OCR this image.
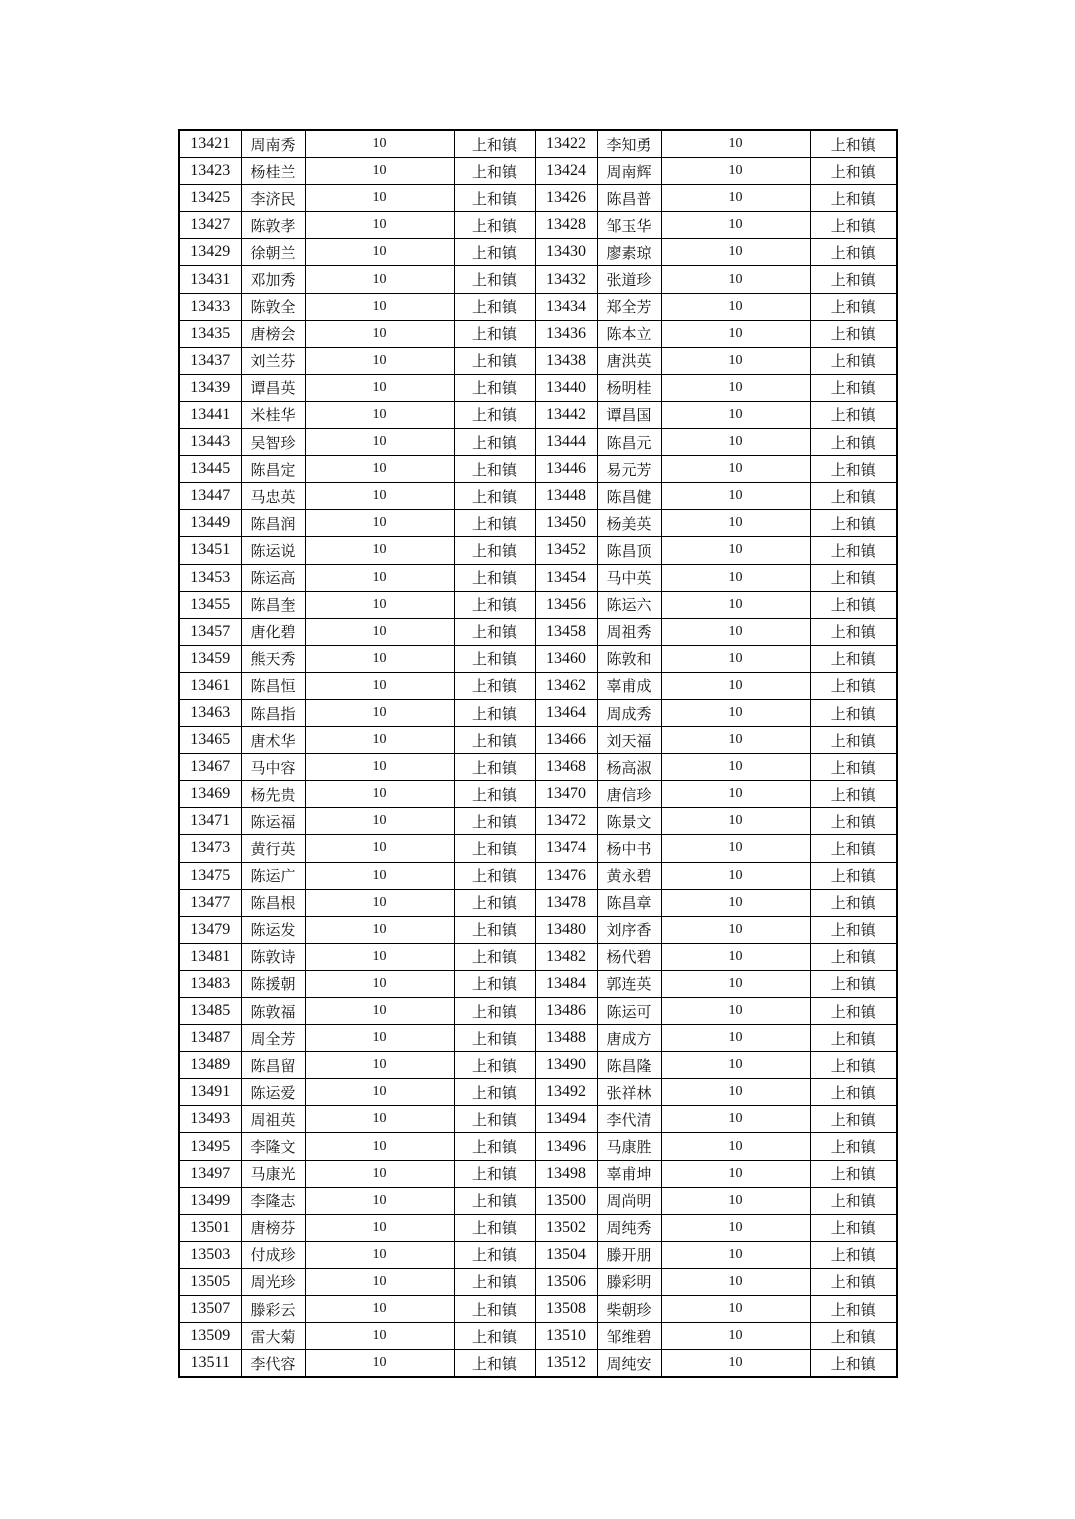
13421	周南秀	10	上和镇	13422	李知勇	10	上和镇
13423	杨桂兰	10	上和镇	13424	周南辉	10	上和镇
13425	李济民	10	上和镇	13426	陈昌普	10	上和镇
13427	陈敦孝	10	上和镇	13428	邹玉华	10	上和镇
13429	徐朝兰	10	上和镇	13430	廖素琼	10	上和镇
13431	邓加秀	10	上和镇	13432	张道珍	10	上和镇
13433	陈敦全	10	上和镇	13434	郑全芳	10	上和镇
13435	唐榜会	10	上和镇	13436	陈本立	10	上和镇
13437	刘兰芬	10	上和镇	13438	唐洪英	10	上和镇
13439	谭昌英	10	上和镇	13440	杨明桂	10	上和镇
13441	米桂华	10	上和镇	13442	谭昌国	10	上和镇
13443	吴智珍	10	上和镇	13444	陈昌元	10	上和镇
13445	陈昌定	10	上和镇	13446	易元芳	10	上和镇
13447	马忠英	10	上和镇	13448	陈昌健	10	上和镇
13449	陈昌润	10	上和镇	13450	杨美英	10	上和镇
13451	陈运说	10	上和镇	13452	陈昌顶	10	上和镇
13453	陈运高	10	上和镇	13454	马中英	10	上和镇
13455	陈昌奎	10	上和镇	13456	陈运六	10	上和镇
13457	唐化碧	10	上和镇	13458	周祖秀	10	上和镇
13459	熊天秀	10	上和镇	13460	陈敦和	10	上和镇
13461	陈昌恒	10	上和镇	13462	辜甫成	10	上和镇
13463	陈昌指	10	上和镇	13464	周成秀	10	上和镇
13465	唐术华	10	上和镇	13466	刘天福	10	上和镇
13467	马中容	10	上和镇	13468	杨高淑	10	上和镇
13469	杨先贵	10	上和镇	13470	唐信珍	10	上和镇
13471	陈运福	10	上和镇	13472	陈景文	10	上和镇
13473	黄行英	10	上和镇	13474	杨中书	10	上和镇
13475	陈运广	10	上和镇	13476	黄永碧	10	上和镇
13477	陈昌根	10	上和镇	13478	陈昌章	10	上和镇
13479	陈运发	10	上和镇	13480	刘序香	10	上和镇
13481	陈敦诗	10	上和镇	13482	杨代碧	10	上和镇
13483	陈援朝	10	上和镇	13484	郭连英	10	上和镇
13485	陈敦福	10	上和镇	13486	陈运可	10	上和镇
13487	周全芳	10	上和镇	13488	唐成方	10	上和镇
13489	陈昌留	10	上和镇	13490	陈昌隆	10	上和镇
13491	陈运爱	10	上和镇	13492	张祥林	10	上和镇
13493	周祖英	10	上和镇	13494	李代清	10	上和镇
13495	李隆文	10	上和镇	13496	马康胜	10	上和镇
13497	马康光	10	上和镇	13498	辜甫坤	10	上和镇
13499	李隆志	10	上和镇	13500	周尚明	10	上和镇
13501	唐榜芬	10	上和镇	13502	周纯秀	10	上和镇
13503	付成珍	10	上和镇	13504	滕开朋	10	上和镇
13505	周光珍	10	上和镇	13506	滕彩明	10	上和镇
13507	滕彩云	10	上和镇	13508	柴朝珍	10	上和镇
13509	雷大菊	10	上和镇	13510	邹维碧	10	上和镇
13511	李代容	10	上和镇	13512	周纯安	10	上和镇
